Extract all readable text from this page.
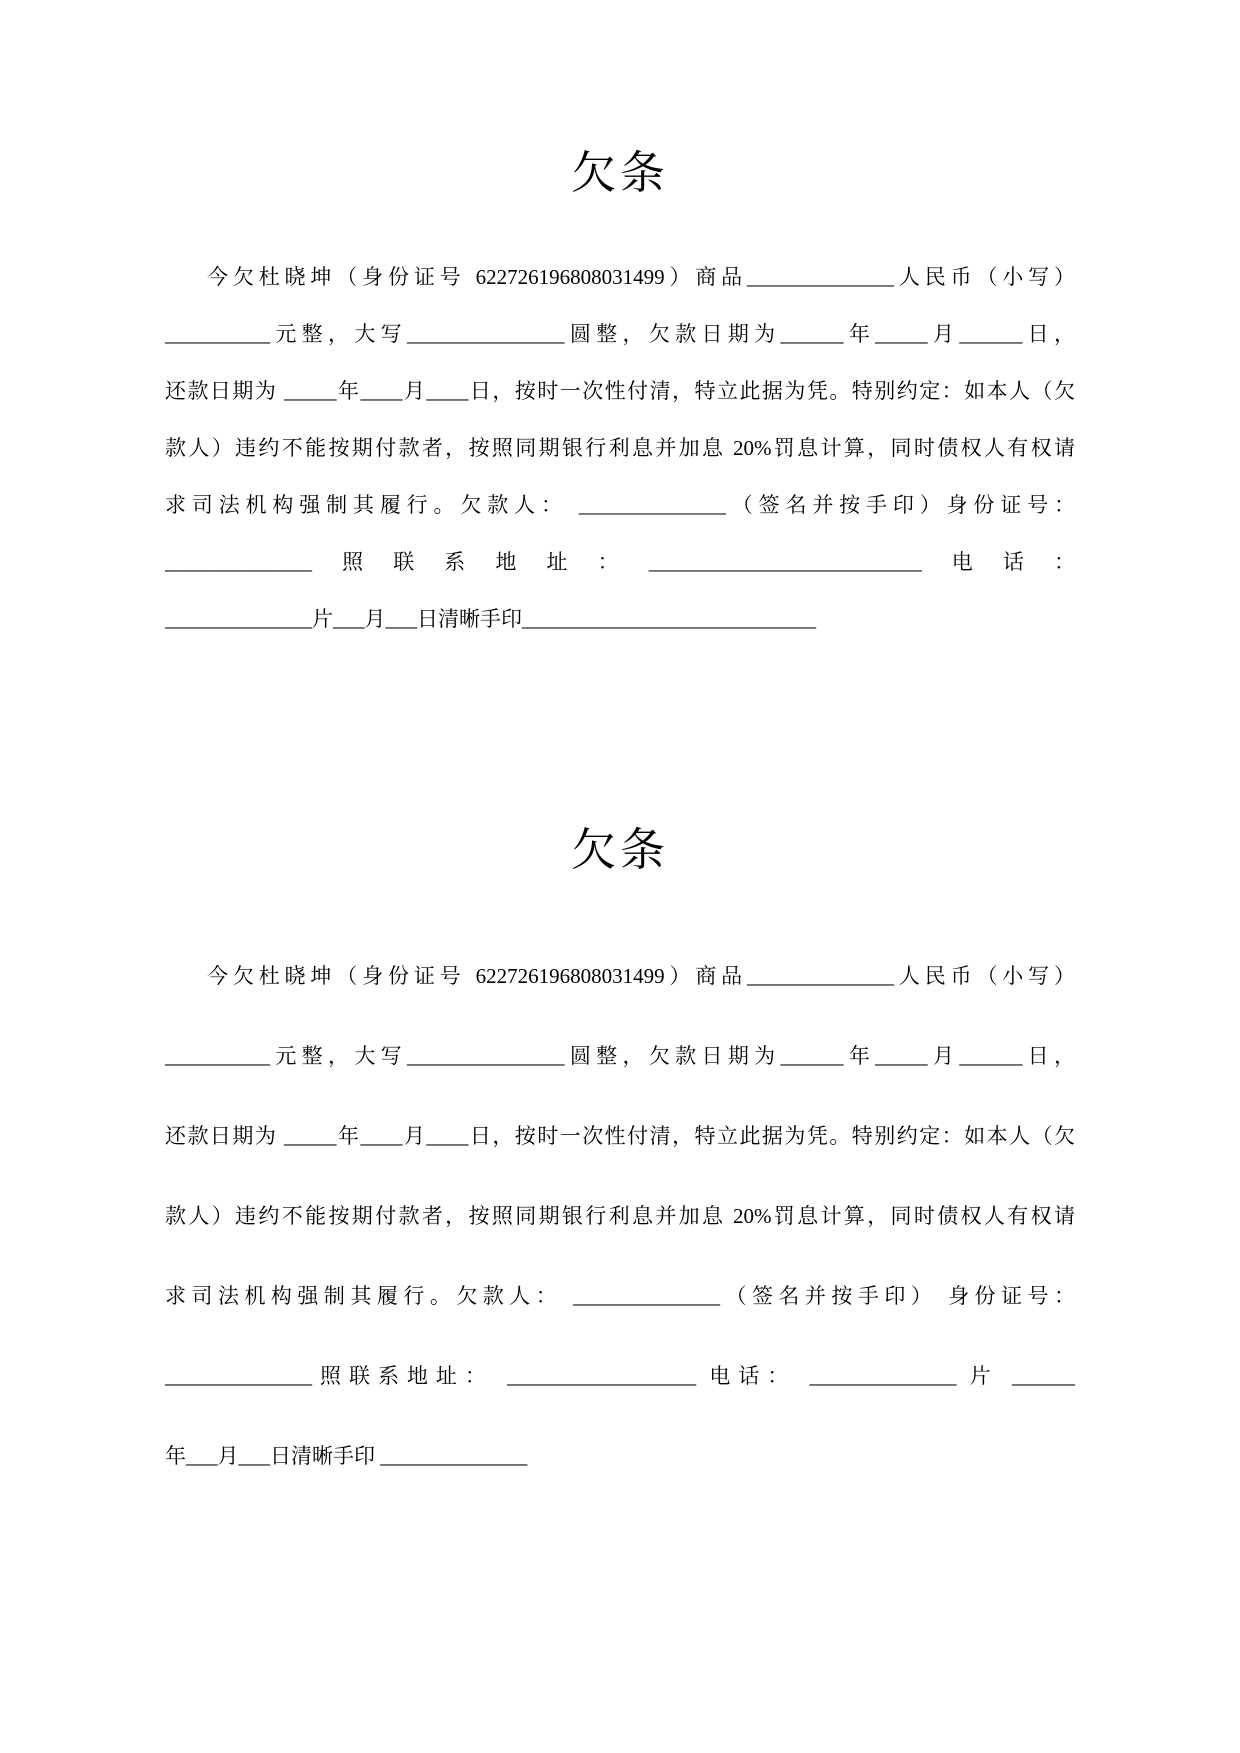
欠条
今欠杜晓坤（身份证号 622726196808031499）商品______________人民币（小写）
__________元整，大写_______________圆整，欠款日期为______年_____月______日，
还款日期为 _____年____月____日，按时一次性付清，特立此据为凭。特别约定：如本人（欠
款人）违约不能按期付款者，按照同期银行利息并加息 20%罚息计算，同时债权人有权请
求司法机构强制其履行。欠款人： ______________（签名并按手印）身份证号：
______________照联系地址：__________________________电话：
______________片___月___日清晰手印____________________________
欠条
今欠杜晓坤（身份证号 622726196808031499）商品______________人民币（小写）
__________元整，大写_______________圆整，欠款日期为______年_____月______日，
还款日期为 _____年____月____日，按时一次性付清，特立此据为凭。特别约定：如本人（欠
款人）违约不能按期付款者，按照同期银行利息并加息 20%罚息计算，同时债权人有权请
求司法机构强制其履行。欠款人： ______________（签名并按手印） 身份证号：
______________照联系地址： __________________ 电话： ______________ 片 ______
年___月___日清晰手印 ______________
